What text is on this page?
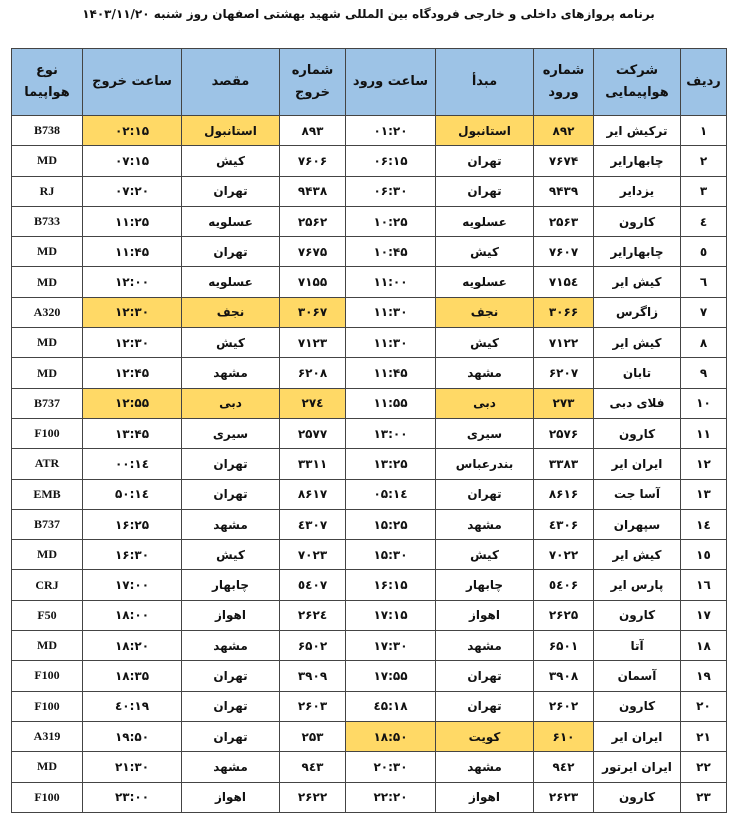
برنامه پروازهای داخلی و خارجی فرودگاه بین المللی شهید بهشتی اصفهان روز شنبه ۱۴۰۳/۱۱/۲۰
ردیف	شرکت هواپیمایی	شماره ورود	مبدأ	ساعت ورود	شماره خروج	مقصد	ساعت خروج	نوع هواپیما
۱	ترکیش ایر	۸۹۲	استانبول	۰۱:۲۰	۸۹۳	استانبول	۰۲:۱۵	B738
۲	چابهارایر	۷۶۷۴	تهران	۰۶:۱۵	۷۶۰۶	کیش	۰۷:۱۵	MD
۳	یزدایر	۹۴۳۹	تهران	۰۶:۳۰	۹۴۳۸	تهران	۰۷:۲۰	RJ
٤	کارون	۲۵۶۳	عسلویه	۱۰:۲۵	۲۵۶۲	عسلویه	۱۱:۲۵	B733
٥	چابهارایر	۷۶۰۷	کیش	۱۰:۴۵	۷۶۷۵	تهران	۱۱:۴۵	MD
٦	کیش ایر	۷۱۵٤	عسلویه	۱۱:۰۰	۷۱۵۵	عسلویه	۱۲:۰۰	MD
۷	زاگرس	۳۰۶۶	نجف	۱۱:۳۰	۳۰۶۷	نجف	۱۲:۳۰	A320
۸	کیش ایر	۷۱۲۲	کیش	۱۱:۳۰	۷۱۲۳	کیش	۱۲:۳۰	MD
۹	تابان	۶۲۰۷	مشهد	۱۱:۴۵	۶۲۰۸	مشهد	۱۲:۴۵	MD
۱۰	فلای دبی	۲۷۳	دبی	۱۱:۵۵	۲۷٤	دبی	۱۲:۵۵	B737
۱۱	کارون	۲۵۷۶	سیری	۱۳:۰۰	۲۵۷۷	سیری	۱۳:۴۵	F100
۱۲	ایران ایر	۳۳۸۳	بندرعباس	۱۳:۲۵	۳۳۱۱	تهران	۱٤:۰۰	ATR
۱۳	آسا جت	۸۶۱۶	تهران	۱٤:۰۵	۸۶۱۷	تهران	۱٤:۵۰	EMB
۱٤	سپهران	٤۳۰۶	مشهد	۱۵:۲۵	٤۳۰۷	مشهد	۱۶:۲۵	B737
۱٥	کیش ایر	۷۰۲۲	کیش	۱۵:۳۰	۷۰۲۳	کیش	۱۶:۳۰	MD
۱٦	پارس ایر	٥٤۰۶	چابهار	۱۶:۱۵	٥٤۰۷	چابهار	۱۷:۰۰	CRJ
۱۷	کارون	۲۶۲۵	اهواز	۱۷:۱۵	۲۶۲٤	اهواز	۱۸:۰۰	F50
۱۸	آتا	۶۵۰۱	مشهد	۱۷:۳۰	۶۵۰۲	مشهد	۱۸:۲۰	MD
۱۹	آسمان	۳۹۰۸	تهران	۱۷:۵۵	۳۹۰۹	تهران	۱۸:۳۵	F100
۲۰	کارون	۲۶۰۲	تهران	۱۸:٤۵	۲۶۰۳	تهران	۱۹:٤۰	F100
۲۱	ایران ایر	۶۱۰	کویت	۱۸:۵۰	۲۵۳	تهران	۱۹:۵۰	A319
۲۲	ایران ایرتور	۹٤۲	مشهد	۲۰:۳۰	۹٤۳	مشهد	۲۱:۳۰	MD
۲۳	کارون	۲۶۲۳	اهواز	۲۲:۲۰	۲۶۲۲	اهواز	۲۳:۰۰	F100
